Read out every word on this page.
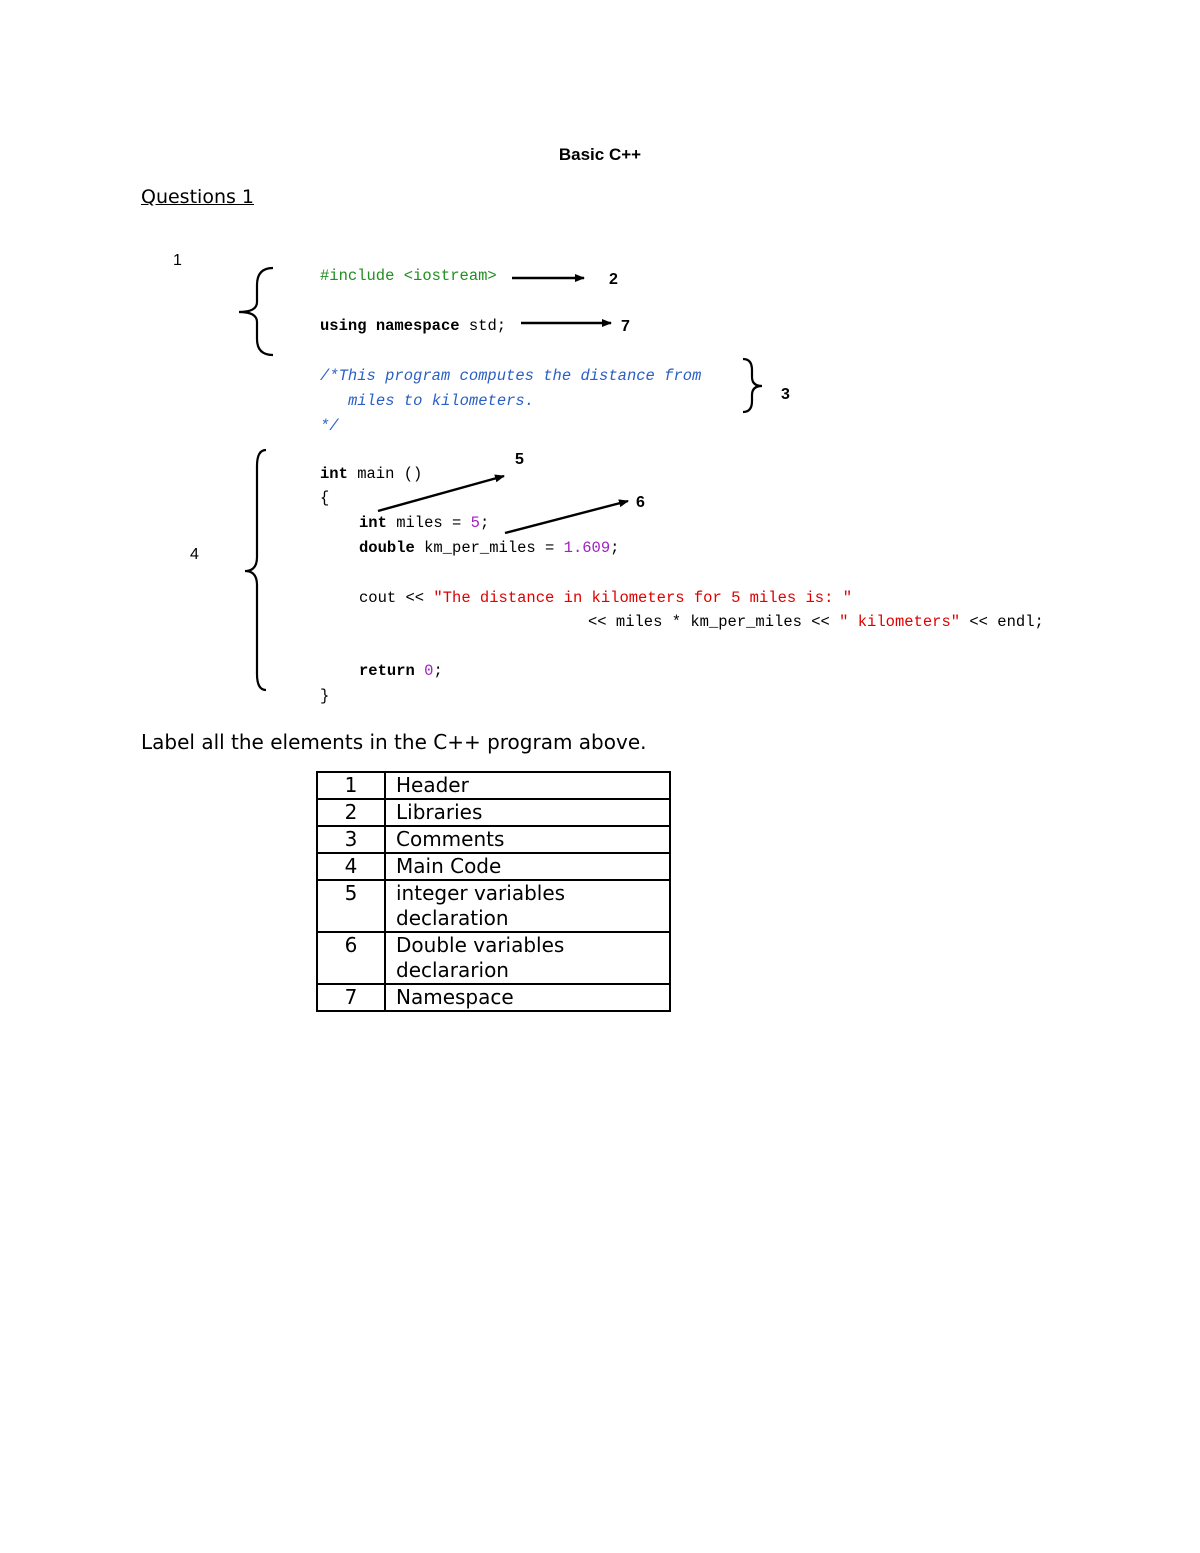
Basic C++
Questions 1
1
2
7
3
5
6
4
#include <iostream>
using namespace std;
/*This program computes the distance from
miles to kilometers.
*/
int main ()
{
int miles = 5;
double km_per_miles = 1.609;
cout << "The distance in kilometers for 5 miles is: "
<< miles * km_per_miles << " kilometers" << endl;
return 0;
}
Label all the elements in the C++ program above.
1	Header
2	Libraries
3	Comments
4	Main Code
5	integer variables declaration
6	Double variables declararion
7	Namespace
